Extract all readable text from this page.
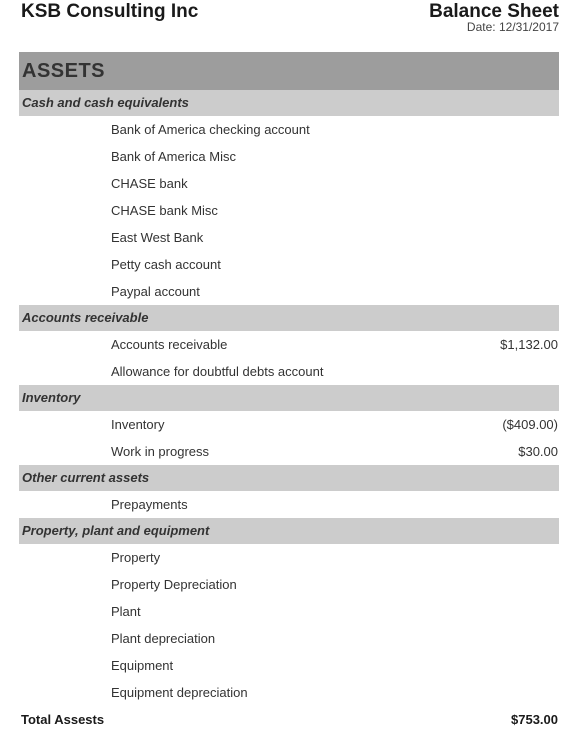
KSB Consulting Inc	Balance Sheet
Date: 12/31/2017
ASSETS
Cash and cash equivalents
Bank of America checking account
Bank of America Misc
CHASE bank
CHASE bank Misc
East West Bank
Petty cash account
Paypal account
Accounts receivable
Accounts receivable	$1,132.00
Allowance for doubtful debts account
Inventory
Inventory	($409.00)
Work in progress	$30.00
Other current assets
Prepayments
Property, plant and equipment
Property
Property Depreciation
Plant
Plant depreciation
Equipment
Equipment depreciation
Total Assests	$753.00
